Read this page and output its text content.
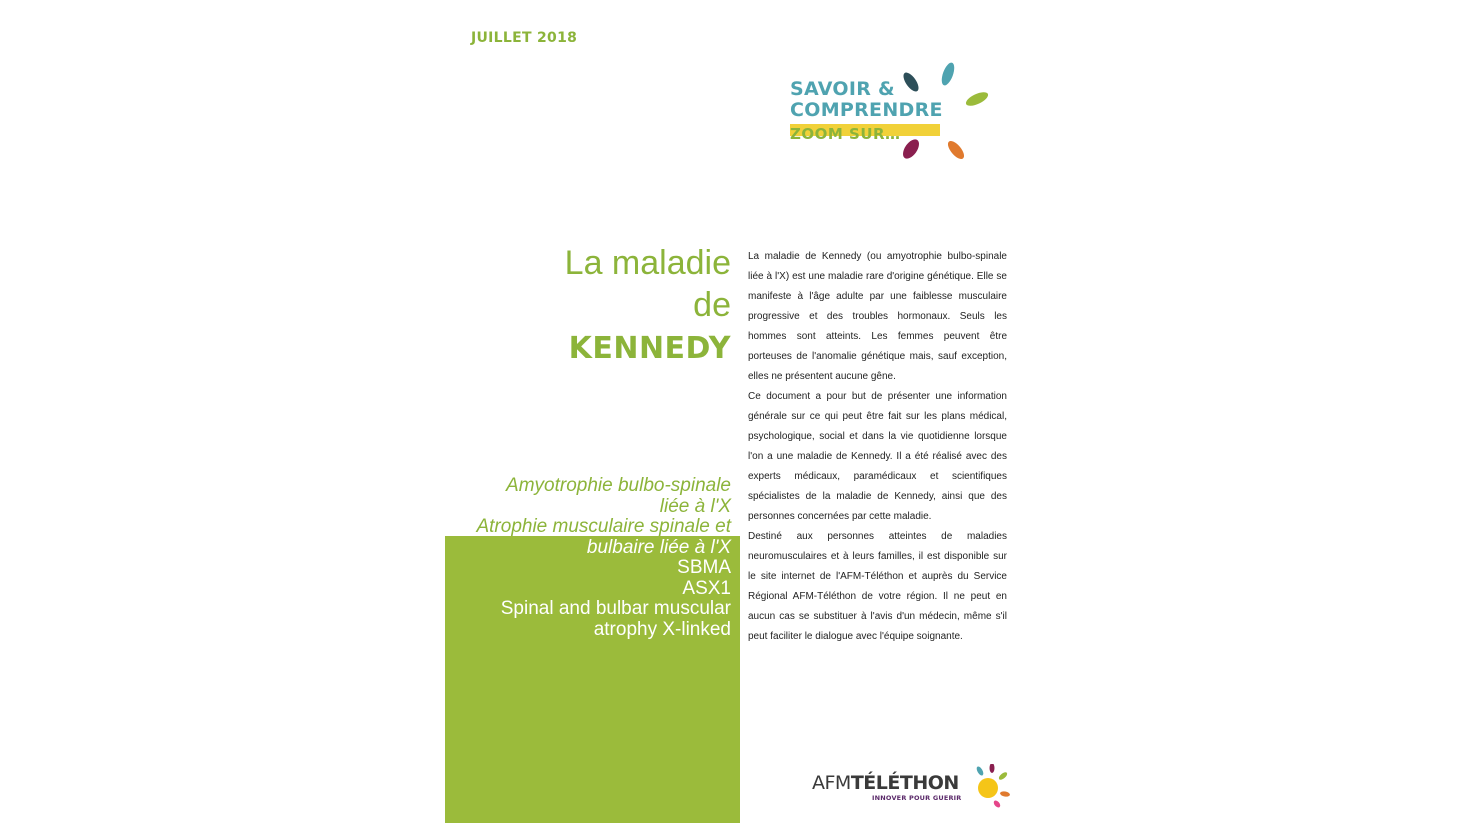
JUILLET 2018
SAVOIR &
COMPRENDRE
ZOOM SUR…
La maladie
de
KENNEDY
Amyotrophie bulbo-spinale
liée à l'X
Atrophie musculaire spinale et
bulbaire liée à l'X
SBMA
ASX1
Spinal and bulbar muscular
atrophy X-linked

La maladie de Kennedy (ou amyotrophie bulbo-spinale liée à l'X) est une maladie rare d'origine génétique. Elle se manifeste à l'âge adulte par une faiblesse musculaire progressive et des troubles hormonaux. Seuls les hommes sont atteints. Les femmes peuvent être porteuses de l'anomalie génétique mais, sauf exception, elles ne présentent aucune gêne.

Ce document a pour but de présenter une information générale sur ce qui peut être fait sur les plans médical, psychologique, social et dans la vie quotidienne lorsque l'on a une maladie de Kennedy. Il a été réalisé avec des experts médicaux, paramédicaux et scientifiques spécialistes de la maladie de Kennedy, ainsi que des personnes concernées par cette maladie.

Destiné aux personnes atteintes de maladies neuromusculaires et à leurs familles, il est disponible sur le site internet de l'AFM-Téléthon et auprès du Service Régional AFM-Téléthon de votre région. Il ne peut en aucun cas se substituer à l'avis d'un médecin, même s'il peut faciliter le dialogue avec l'équipe soignante.

AFMTÉLÉTHON
INNOVER POUR GUERIR
